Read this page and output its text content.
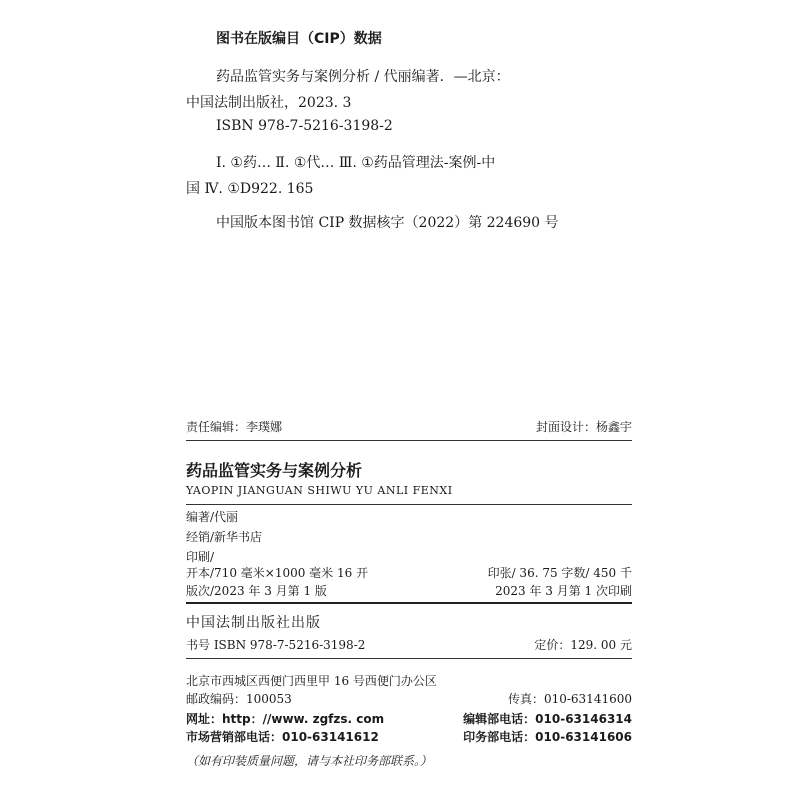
图书在版编目（CIP）数据
药品监管实务与案例分析 / 代丽编著．—北京：
中国法制出版社，2023. 3
ISBN 978-7-5216-3198-2
Ⅰ. ①药… Ⅱ. ①代… Ⅲ. ①药品管理法-案例-中
国 Ⅳ. ①D922. 165
中国版本图书馆 CIP 数据核字（2022）第 224690 号
责任编辑：李璞娜	封面设计：杨鑫宇
药品监管实务与案例分析
YAOPIN JIANGUAN SHIWU YU ANLI FENXI
编著/代丽
经销/新华书店
印刷/
开本/710 毫米×1000 毫米 16 开	印张/ 36. 75 字数/ 450 千
版次/2023 年 3 月第 1 版	2023 年 3 月第 1 次印刷
中国法制出版社出版
书号 ISBN 978-7-5216-3198-2	定价：129. 00 元
北京市西城区西便门西里甲 16 号西便门办公区
邮政编码：100053	传真：010-63141600
网址：http：//www. zgfzs. com	编辑部电话：010-63146314
市场营销部电话：010-63141612	印务部电话：010-63141606
（如有印装质量问题，请与本社印务部联系。）
